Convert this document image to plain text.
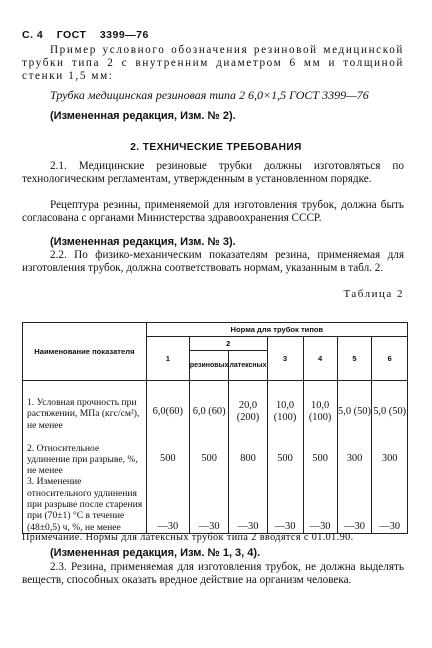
С. 4 ГОСТ 3399—76
Пример условного обозначения резиновой медицинской трубки типа 2 с внутренним диаметром 6 мм и толщиной стенки 1,5 мм:
Трубка медицинская резиновая типа 2 6,0×1,5 ГОСТ 3399—76
(Измененная редакция, Изм. № 2).
2. ТЕХНИЧЕСКИЕ ТРЕБОВАНИЯ
2.1. Медицинские резиновые трубки должны изготовляться по технологическим регламентам, утвержденным в установленном порядке.
Рецептура резины, применяемой для изготовления трубок, должна быть согласована с органами Министерства здравоохранения СССР.
(Измененная редакция, Изм. № 3).
2.2. По физико-механическим показателям резина, применяемая для изготовления трубок, должна соответствовать нормам, указанным в табл. 2.
Таблица 2
Наименование показателя	Норма для трубок типов						
	1	2		3	4	5	6
		резиновых	латексных				
1. Условная прочность при растяжении, МПа (кгс/см²), не менее	6,0(60)	6,0 (60)	20,0 (200)	10,0 (100)	10,0 (100)	5,0 (50)	5,0 (50)
2. Относительное удлинение при разрыве, %, не менее	500	500	800	500	500	300	300
3. Изменение относительного удлинения при разрыве после старения при (70±1) °С в течение (48±0,5) ч, %, не менее	—30	—30	—30	—30	—30	—30	—30
Примечание. Нормы для латексных трубок типа 2 вводятся с 01.01.90.
(Измененная редакция, Изм. № 1, 3, 4).
2.3. Резина, применяемая для изготовления трубок, не должна выделять веществ, способных оказать вредное действие на организм человека.
